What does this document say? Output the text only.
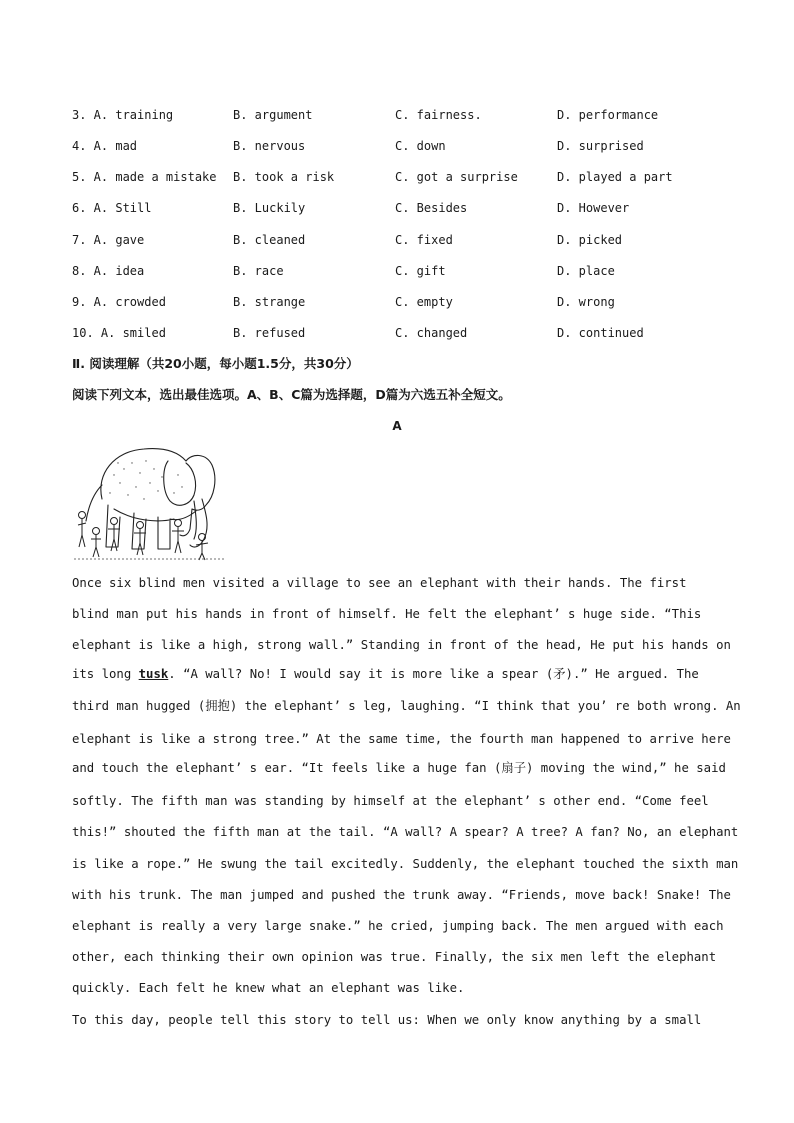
3. A. training	B. argument	C. fairness.	D. performance
4. A. mad	B. nervous	C. down	D. surprised
5. A. made a mistake B. took a risk	C. got a surprise	D. played a part
6. A. Still	B. Luckily	C. Besides	D. However
7. A. gave	B. cleaned	C. fixed	D. picked
8. A. idea	B. race	C. gift	D. place
9. A. crowded	B. strange	C. empty	D. wrong
10. A. smiled	B. refused	C. changed	D. continued
Ⅱ. 阅读理解（共20小题，每小题1.5分，共30分）
阅读下列文本，选出最佳选项。A、B、C篇为选择题，D篇为六选五补全短文。
A
Once six blind men visited a village to see an elephant with their hands. The first
blind man put his hands in front of himself. He felt the elephant’ s huge side. “This
elephant is like a high, strong wall.” Standing in front of the head, He put his hands on
its long tusk. “A wall? No! I would say it is more like a spear (矛).” He argued. The
third man hugged (拥抱) the elephant’ s leg, laughing. “I think that you’ re both wrong. An
elephant is like a strong tree.” At the same time, the fourth man happened to arrive here
and touch the elephant’ s ear. “It feels like a huge fan (扇子) moving the wind,” he said
softly. The fifth man was standing by himself at the elephant’ s other end. “Come feel
this!” shouted the fifth man at the tail. “A wall? A spear? A tree? A fan? No, an elephant
is like a rope.” He swung the tail excitedly. Suddenly, the elephant touched the sixth man
with his trunk. The man jumped and pushed the trunk away. “Friends, move back! Snake! The
elephant is really a very large snake.” he cried, jumping back. The men argued with each
other, each thinking their own opinion was true. Finally, the six men left the elephant
quickly. Each felt he knew what an elephant was like.
To this day, people tell this story to tell us: When we only know anything by a small
